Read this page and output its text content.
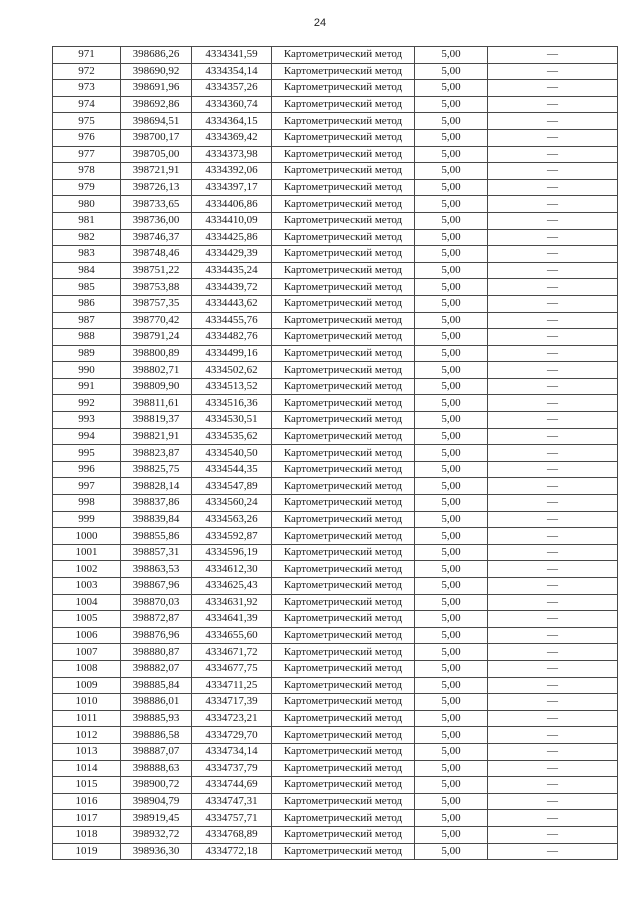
24
971	398686,26	4334341,59	Картометрический метод	5,00	—
972	398690,92	4334354,14	Картометрический метод	5,00	—
973	398691,96	4334357,26	Картометрический метод	5,00	—
974	398692,86	4334360,74	Картометрический метод	5,00	—
975	398694,51	4334364,15	Картометрический метод	5,00	—
976	398700,17	4334369,42	Картометрический метод	5,00	—
977	398705,00	4334373,98	Картометрический метод	5,00	—
978	398721,91	4334392,06	Картометрический метод	5,00	—
979	398726,13	4334397,17	Картометрический метод	5,00	—
980	398733,65	4334406,86	Картометрический метод	5,00	—
981	398736,00	4334410,09	Картометрический метод	5,00	—
982	398746,37	4334425,86	Картометрический метод	5,00	—
983	398748,46	4334429,39	Картометрический метод	5,00	—
984	398751,22	4334435,24	Картометрический метод	5,00	—
985	398753,88	4334439,72	Картометрический метод	5,00	—
986	398757,35	4334443,62	Картометрический метод	5,00	—
987	398770,42	4334455,76	Картометрический метод	5,00	—
988	398791,24	4334482,76	Картометрический метод	5,00	—
989	398800,89	4334499,16	Картометрический метод	5,00	—
990	398802,71	4334502,62	Картометрический метод	5,00	—
991	398809,90	4334513,52	Картометрический метод	5,00	—
992	398811,61	4334516,36	Картометрический метод	5,00	—
993	398819,37	4334530,51	Картометрический метод	5,00	—
994	398821,91	4334535,62	Картометрический метод	5,00	—
995	398823,87	4334540,50	Картометрический метод	5,00	—
996	398825,75	4334544,35	Картометрический метод	5,00	—
997	398828,14	4334547,89	Картометрический метод	5,00	—
998	398837,86	4334560,24	Картометрический метод	5,00	—
999	398839,84	4334563,26	Картометрический метод	5,00	—
1000	398855,86	4334592,87	Картометрический метод	5,00	—
1001	398857,31	4334596,19	Картометрический метод	5,00	—
1002	398863,53	4334612,30	Картометрический метод	5,00	—
1003	398867,96	4334625,43	Картометрический метод	5,00	—
1004	398870,03	4334631,92	Картометрический метод	5,00	—
1005	398872,87	4334641,39	Картометрический метод	5,00	—
1006	398876,96	4334655,60	Картометрический метод	5,00	—
1007	398880,87	4334671,72	Картометрический метод	5,00	—
1008	398882,07	4334677,75	Картометрический метод	5,00	—
1009	398885,84	4334711,25	Картометрический метод	5,00	—
1010	398886,01	4334717,39	Картометрический метод	5,00	—
1011	398885,93	4334723,21	Картометрический метод	5,00	—
1012	398886,58	4334729,70	Картометрический метод	5,00	—
1013	398887,07	4334734,14	Картометрический метод	5,00	—
1014	398888,63	4334737,79	Картометрический метод	5,00	—
1015	398900,72	4334744,69	Картометрический метод	5,00	—
1016	398904,79	4334747,31	Картометрический метод	5,00	—
1017	398919,45	4334757,71	Картометрический метод	5,00	—
1018	398932,72	4334768,89	Картометрический метод	5,00	—
1019	398936,30	4334772,18	Картометрический метод	5,00	—
